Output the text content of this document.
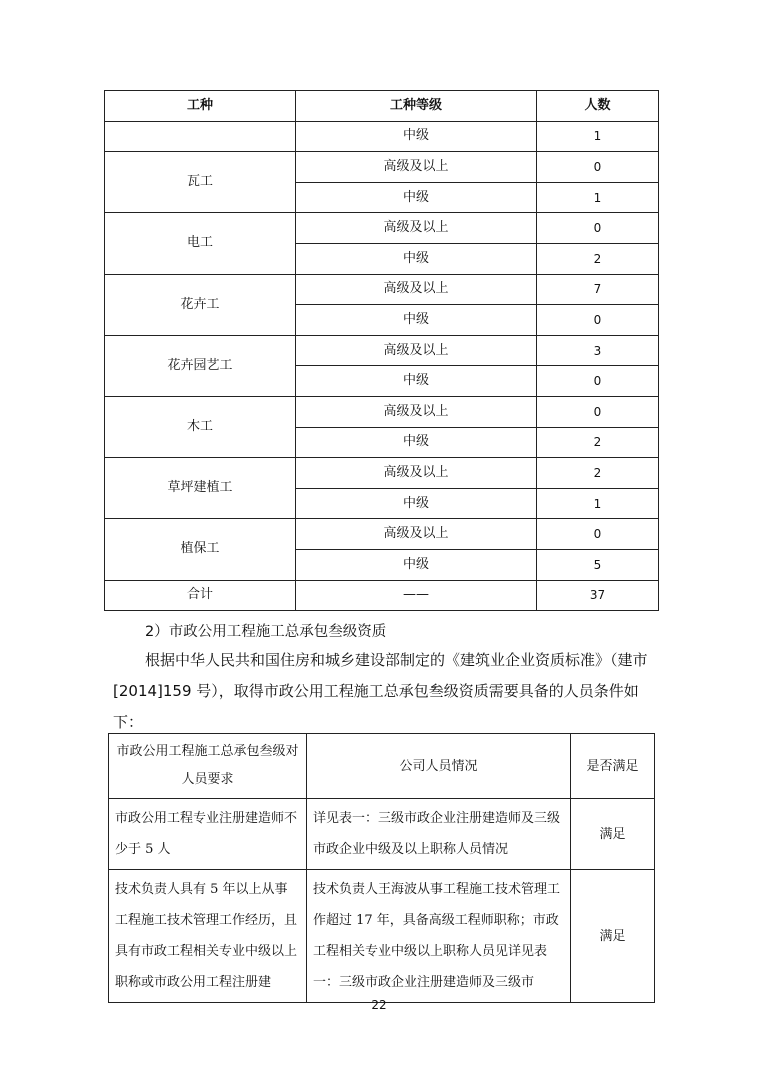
工种	工种等级	人数
	中级	1
瓦工	高级及以上	0
	中级	1
电工	高级及以上	0
	中级	2
花卉工	高级及以上	7
	中级	0
花卉园艺工	高级及以上	3
	中级	0
木工	高级及以上	0
	中级	2
草坪建植工	高级及以上	2
	中级	1
植保工	高级及以上	0
	中级	5
合计	——	37
2）市政公用工程施工总承包叁级资质
根据中华人民共和国住房和城乡建设部制定的《建筑业企业资质标准》（建市[2014]159 号），取得市政公用工程施工总承包叁级资质需要具备的人员条件如下：
市政公用工程施工总承包叁级对人员要求	公司人员情况	是否满足
市政公用工程专业注册建造师不少于 5 人	详见表一：三级市政企业注册建造师及三级市政企业中级及以上职称人员情况	满足
技术负责人具有 5 年以上从事工程施工技术管理工作经历，且具有市政工程相关专业中级以上职称或市政公用工程注册建	技术负责人王海波从事工程施工技术管理工作超过 17 年，具备高级工程师职称；市政工程相关专业中级以上职称人员见详见表一：三级市政企业注册建造师及三级市	满足
22
